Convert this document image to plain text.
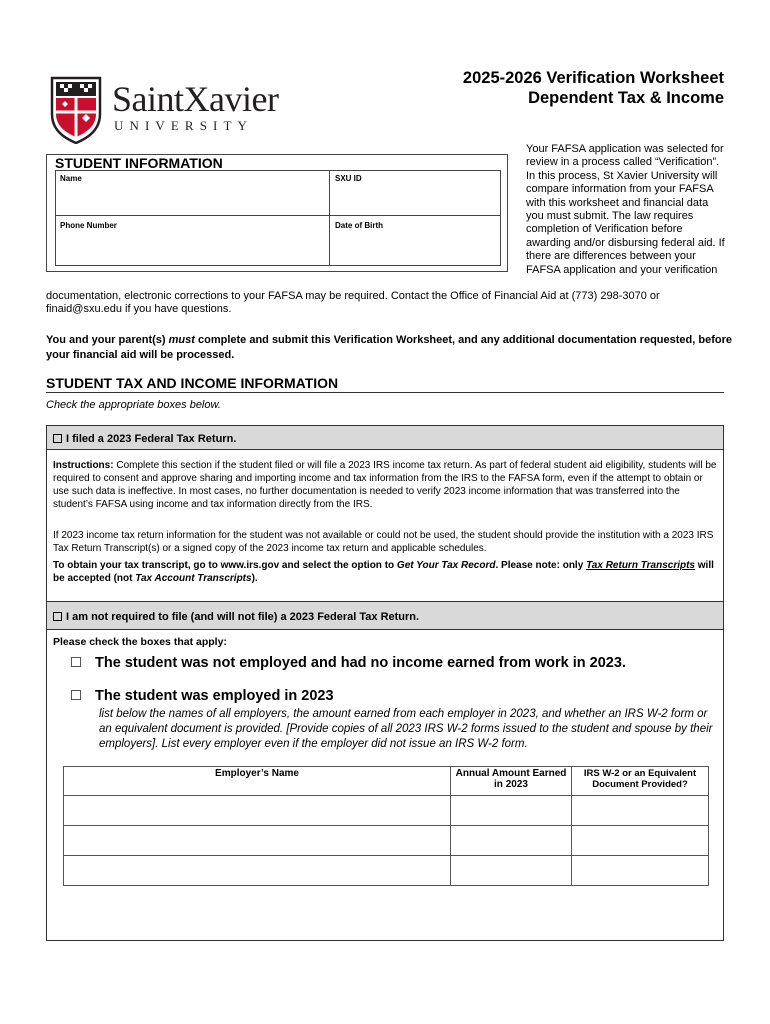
SaintXavier
UNIVERSITY
2025-2026 Verification Worksheet
Dependent Tax & Income
Your FAFSA application was selected for review in a process called “Verification”. In this process, St Xavier University will compare information from your FAFSA with this worksheet and financial data you must submit. The law requires completion of Verification before awarding and/or disbursing federal aid. If there are differences between your FAFSA application and your verification
documentation, electronic corrections to your FAFSA may be required. Contact the Office of Financial Aid at (773) 298-3070 or finaid@sxu.edu if you have questions.
STUDENT INFORMATION
Name	SXU ID
Phone Number	Date of Birth
You and your parent(s) must complete and submit this Verification Worksheet, and any additional documentation requested, before your financial aid will be processed.
STUDENT TAX AND INCOME INFORMATION
Check the appropriate boxes below.
I filed a 2023 Federal Tax Return.
Instructions: Complete this section if the student filed or will file a 2023 IRS income tax return. As part of federal student aid eligibility, students will be required to consent and approve sharing and importing income and tax information from the IRS to the FAFSA form, even if the attempt to obtain or use such data is ineffective. In most cases, no further documentation is needed to verify 2023 income information that was transferred into the student’s FAFSA using income and tax information directly from the IRS.
If 2023 income tax return information for the student was not available or could not be used, the student should provide the institution with a 2023 IRS Tax Return Transcript(s) or a signed copy of the 2023 income tax return and applicable schedules.
To obtain your tax transcript, go to www.irs.gov and select the option to Get Your Tax Record. Please note: only Tax Return Transcripts will be accepted (not Tax Account Transcripts).
I am not required to file (and will not file) a 2023 Federal Tax Return.
Please check the boxes that apply:
The student was not employed and had no income earned from work in 2023.
The student was employed in 2023
list below the names of all employers, the amount earned from each employer in 2023, and whether an IRS W-2 form or an equivalent document is provided. [Provide copies of all 2023 IRS W-2 forms issued to the student and spouse by their employers]. List every employer even if the employer did not issue an IRS W-2 form.
Employer’s Name	Annual Amount Earned in 2023	IRS W-2 or an Equivalent Document Provided?
